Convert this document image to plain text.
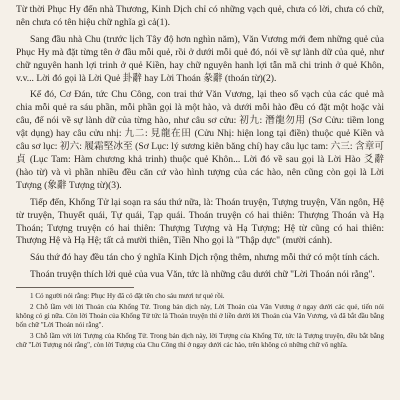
Từ thời Phục Hy đến nhà Thương, Kinh Dịch chỉ có những vạch quẻ, chưa có lời, chưa có chữ, nên chưa có tên hiệu chữ nghĩa gì cả(1).

Sang đầu nhà Chu (trước lịch Tây độ hơn nghìn năm), Văn Vương mới đem những quẻ của Phục Hy mà đặt từng tên ở đầu mỗi quẻ, rồi ở dưới mỗi quẻ đó, nói về sự lành dữ của quẻ, như chữ nguyên hanh lợi trinh ở quẻ Kiền, hay chữ nguyên hanh lợi tẫn mã chi trinh ở quẻ Khôn, v.v... Lời đó gọi là Lời Quẻ 卦辭 hay Lời Thoán 彖辭 (thoán từ)(2).

Kế đó, Cơ Đán, tức Chu Công, con trai thứ Văn Vương, lại theo số vạch của các quẻ mà chia mỗi quẻ ra sáu phần, mỗi phần gọi là một hào, và dưới mỗi hào đều có đặt một hoặc vài câu, để nói về sự lành dữ của từng hào, như câu sơ cửu: 初九: 潛龍勿用 (Sơ Cửu: tiềm long vật dụng) hay câu cửu nhị: 九二: 見龍在田 (Cửu Nhị: hiện long tại điền) thuộc quẻ Kiền và câu sơ lục: 初六: 履霜堅冰至 (Sơ Lục: lý sương kiên băng chí) hay câu lục tam: 六三: 含章可貞 (Lục Tam: Hàm chương khả trinh) thuộc quẻ Khôn... Lời đó về sau gọi là Lời Hào 爻辭 (hào từ) và vì phần nhiều đều căn cứ vào hình tượng của các hào, nên cũng còn gọi là Lời Tượng (象辭 Tượng từ)(3).

Tiếp đến, Khổng Tử lại soạn ra sáu thứ nữa, là: Thoán truyện, Tượng truyện, Văn ngôn, Hệ từ truyện, Thuyết quái, Tự quái, Tạp quái. Thoán truyện có hai thiên: Thượng Thoán và Hạ Thoán; Tượng truyện có hai thiên: Thượng Tượng và Hạ Tượng; Hệ từ cũng có hai thiên: Thượng Hệ và Hạ Hệ; tất cả mười thiên, Tiền Nho gọi là "Thập dực" (mười cánh).

Sáu thứ đó hay đều tán cho ý nghĩa Kinh Dịch rộng thêm, nhưng mỗi thứ có một tính cách.

Thoán truyện thích lời quẻ của vua Văn, tức là những câu dưới chữ "Lời Thoán nói rằng".

1 Có người nói rằng: Phục Hy đã có đặt tên cho sáu mươi tư quẻ rồi.

2 Chỗ lầm với lời Thoán của Khổng Tử. Trong bản dịch này, Lời Thoán của Văn Vương ở ngay dưới các quẻ, tiến nói không có gì nữa. Còn lời Thoán của Khổng Tử tức là Thoán truyện thì ở liền dưới lời Thoán của Văn Vương, và đã bắt đầu bằng bốn chữ "Lời Thoán nói rằng".

3 Chỗ lầm với lời Tượng của Khổng Tử. Trong bản dịch này, lời Tượng của Khổng Tử, tức là Tượng truyện, đều bắt bằng chữ "Lời Tượng nói rằng", còn lời Tượng của Chu Công thì ở ngay dưới các hào, trên không có những chữ vô nghĩa.
